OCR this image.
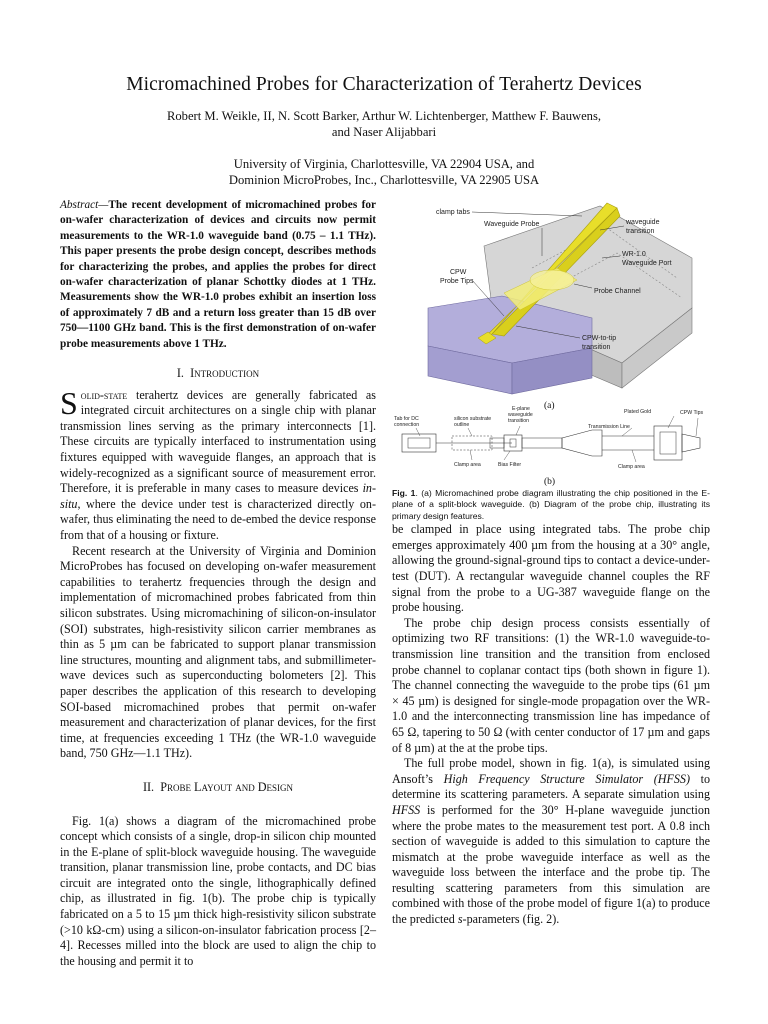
Micromachined Probes for Characterization of Terahertz Devices
Robert M. Weikle, II, N. Scott Barker, Arthur W. Lichtenberger, Matthew F. Bauwens,
and Naser Alijabbari
University of Virginia, Charlottesville, VA 22904 USA, and
Dominion MicroProbes, Inc., Charlottesville, VA 22905 USA

Abstract—The recent development of micromachined probes for on-wafer characterization of devices and circuits now permit measurements to the WR-1.0 waveguide band (0.75 – 1.1 THz). This paper presents the probe design concept, describes methods for characterizing the probes, and applies the probes for direct on-wafer characterization of planar Schottky diodes at 1 THz. Measurements show the WR-1.0 probes exhibit an insertion loss of approximately 7 dB and a return loss greater than 15 dB over 750—1100 GHz band. This is the first demonstration of on-wafer probe measurements above 1 THz.

I. Introduction

Solid-state terahertz devices are generally fabricated as integrated circuit architectures on a single chip with planar transmission lines serving as the primary interconnects [1]. These circuits are typically interfaced to instrumentation using fixtures equipped with waveguide flanges, an approach that is widely-recognized as a significant source of measurement error. Therefore, it is preferable in many cases to measure devices in-situ, where the device under test is characterized directly on-wafer, thus eliminating the need to de-embed the device response from that of a housing or fixture.

Recent research at the University of Virginia and Dominion MicroProbes has focused on developing on-wafer measurement capabilities to terahertz frequencies through the design and implementation of micromachined probes fabricated from thin silicon substrates. Using micromachining of silicon-on-insulator (SOI) substrates, high-resistivity silicon carrier membranes as thin as 5 µm can be fabricated to support planar transmission line structures, mounting and alignment tabs, and submillimeter-wave devices such as superconducting bolometers [2]. This paper describes the application of this research to developing SOI-based micromachined probes that permit on-wafer measurement and characterization of planar devices, for the first time, at frequencies exceeding 1 THz (the WR-1.0 waveguide band, 750 GHz—1.1 THz).

II. Probe Layout and Design

Fig. 1(a) shows a diagram of the micromachined probe concept which consists of a single, drop-in silicon chip mounted in the E-plane of split-block waveguide housing. The waveguide transition, planar transmission line, probe contacts, and DC bias circuit are integrated onto the single, lithographically defined chip, as illustrated in fig. 1(b). The probe chip is typically fabricated on a 5 to 15 µm thick high-resistivity silicon substrate (>10 kΩ-cm) using a silicon-on-insulator fabrication process [2–4]. Recesses milled into the block are used to align the chip to the housing and permit it to

clamp tabs
Waveguide Probe	waveguide
transition
WR-1.0
Waveguide Port
CPW
Probe Tips
Probe Channel
CPW-to-tip
transition
(a)
Tab for DC
connection
silicon substrate
outline
E-plane
waveguide
transition
Plated Gold	CPW Tips
Transmission Line
Clamp area	Bias Filter	Clamp area
(b)

Fig. 1. (a) Micromachined probe diagram illustrating the chip positioned in the E-plane of a split-block waveguide. (b) Diagram of the probe chip, illustrating its primary design features.

be clamped in place using integrated tabs. The probe chip emerges approximately 400 µm from the housing at a 30° angle, allowing the ground-signal-ground tips to contact a device-under-test (DUT). A rectangular waveguide channel couples the RF signal from the probe to a UG-387 waveguide flange on the probe housing.

The probe chip design process consists essentially of optimizing two RF transitions: (1) the WR-1.0 waveguide-to-transmission line transition and the transition from enclosed probe channel to coplanar contact tips (both shown in figure 1). The channel connecting the waveguide to the probe tips (61 µm × 45 µm) is designed for single-mode propagation over the WR-1.0 and the interconnecting transmission line has impedance of 65 Ω, tapering to 50 Ω (with center conductor of 17 µm and gaps of 8 µm) at the at the probe tips.

The full probe model, shown in fig. 1(a), is simulated using Ansoft’s High Frequency Structure Simulator (HFSS) to determine its scattering parameters. A separate simulation using HFSS is performed for the 30° H-plane waveguide junction where the probe mates to the measurement test port. A 0.8 inch section of waveguide is added to this simulation to capture the mismatch at the probe waveguide interface as well as the waveguide loss between the interface and the probe tip. The resulting scattering parameters from this simulation are combined with those of the probe model of figure 1(a) to produce the predicted s-parameters (fig. 2).
